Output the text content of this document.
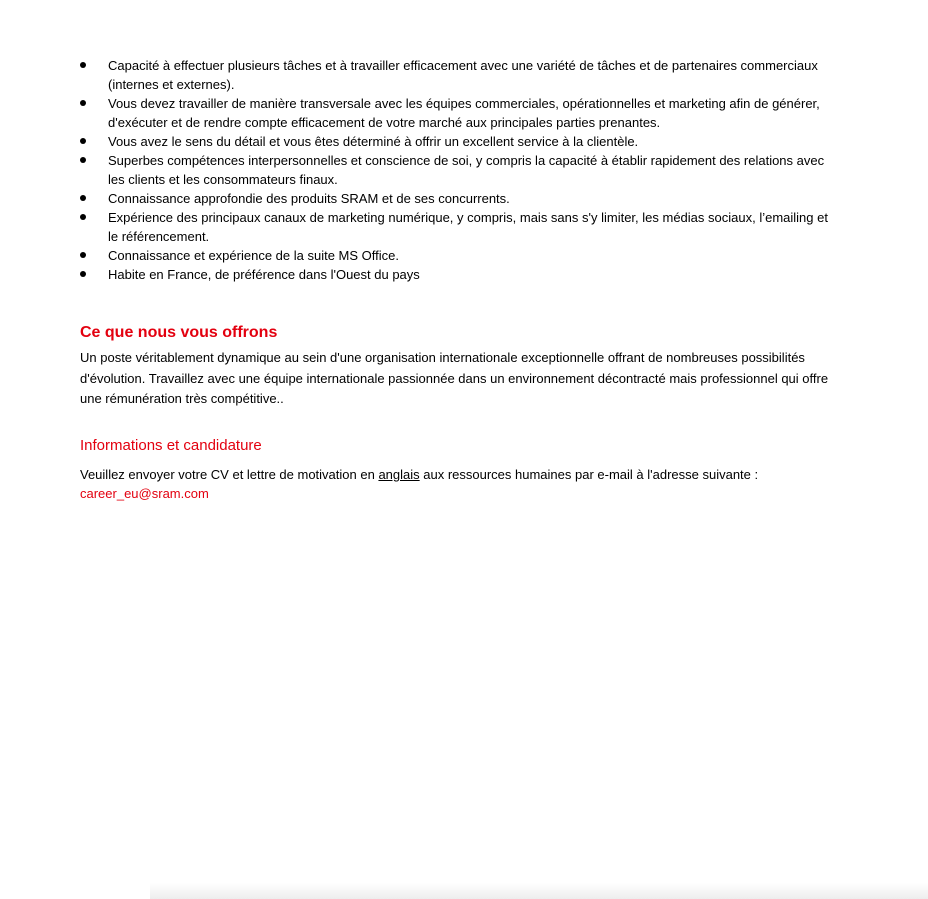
Capacité à effectuer plusieurs tâches et à travailler efficacement avec une variété de tâches et de partenaires commerciaux (internes et externes).
Vous devez travailler de manière transversale avec les équipes commerciales, opérationnelles et marketing afin de générer, d'exécuter et de rendre compte efficacement de votre marché aux principales parties prenantes.
Vous avez le sens du détail et vous êtes déterminé à offrir un excellent service à la clientèle.
Superbes compétences interpersonnelles et conscience de soi, y compris la capacité à établir rapidement des relations avec les clients et les consommateurs finaux.
Connaissance approfondie des produits SRAM et de ses concurrents.
Expérience des principaux canaux de marketing numérique, y compris, mais sans s'y limiter, les médias sociaux, l’emailing et le référencement.
Connaissance et expérience de la suite MS Office.
Habite en France, de préférence dans l'Ouest du pays
Ce que nous vous offrons

Un poste véritablement dynamique au sein d'une organisation internationale exceptionnelle offrant de nombreuses possibilités d'évolution. Travaillez avec une équipe internationale passionnée dans un environnement décontracté mais professionnel qui offre une rémunération très compétitive..

Informations et candidature

Veuillez envoyer votre CV et lettre de motivation en anglais aux ressources humaines par e-mail à l'adresse suivante :
career_eu@sram.com
